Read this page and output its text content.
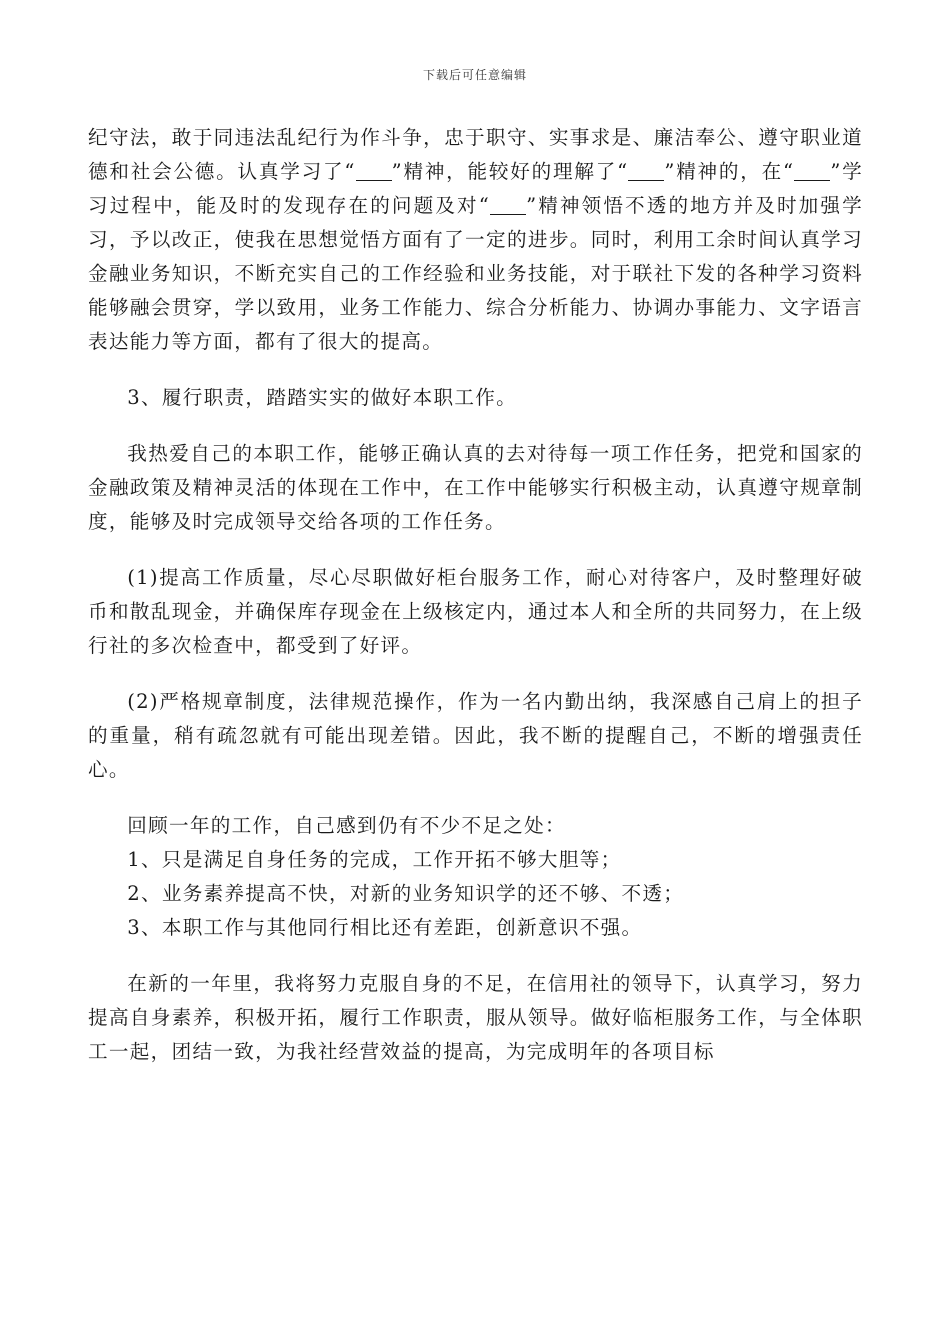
下载后可任意编辑

纪守法，敢于同违法乱纪行为作斗争，忠于职守、实事求是、廉洁奉公、遵守职业道德和社会公德。认真学习了“ ”精神，能较好的理解了“ ”精神的，在“ ”学习过程中，能及时的发现存在的问题及对“ ”精神领悟不透的地方并及时加强学习，予以改正，使我在思想觉悟方面有了一定的进步。同时，利用工余时间认真学习金融业务知识，不断充实自己的工作经验和业务技能，对于联社下发的各种学习资料能够融会贯穿，学以致用，业务工作能力、综合分析能力、协调办事能力、文字语言表达能力等方面，都有了很大的提高。

3、履行职责，踏踏实实的做好本职工作。

我热爱自己的本职工作，能够正确认真的去对待每一项工作任务，把党和国家的金融政策及精神灵活的体现在工作中，在工作中能够实行积极主动，认真遵守规章制度，能够及时完成领导交给各项的工作任务。

(1)提高工作质量，尽心尽职做好柜台服务工作，耐心对待客户，及时整理好破币和散乱现金，并确保库存现金在上级核定内，通过本人和全所的共同努力，在上级行社的多次检查中，都受到了好评。

(2)严格规章制度，法律规范操作，作为一名内勤出纳，我深感自己肩上的担子的重量，稍有疏忽就有可能出现差错。因此，我不断的提醒自己，不断的增强责任心。

回顾一年的工作，自己感到仍有不少不足之处：

1、只是满足自身任务的完成，工作开拓不够大胆等；

2、业务素养提高不快，对新的业务知识学的还不够、不透；

3、本职工作与其他同行相比还有差距，创新意识不强。

在新的一年里，我将努力克服自身的不足，在信用社的领导下，认真学习，努力提高自身素养，积极开拓，履行工作职责，服从领导。做好临柜服务工作，与全体职工一起，团结一致，为我社经营效益的提高，为完成明年的各项目标
